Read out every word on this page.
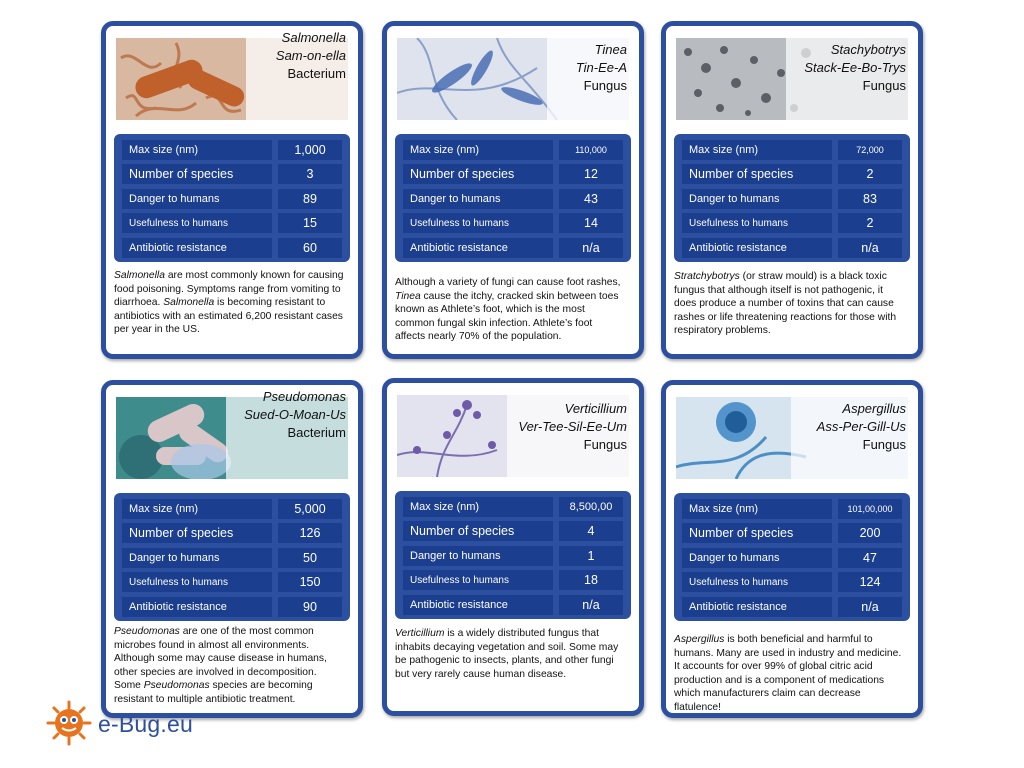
Salmonella
Sam-on-ella
Bacterium
Max size (nm)	1,000
Number of species	3
Danger to humans	89
Usefulness to humans	15
Antibiotic resistance	60
Salmonella are most commonly known for causing food poisoning. Symptoms range from vomiting to diarrhoea. Salmonella is becoming resistant to antibiotics with an estimated 6,200 resistant cases per year in the US.
Tinea
Tin-Ee-A
Fungus
Max size (nm)	110,000
Number of species	12
Danger to humans	43
Usefulness to humans	14
Antibiotic resistance	n/a
Although a variety of fungi can cause foot rashes, Tinea cause the itchy, cracked skin between toes known as Athlete’s foot, which is the most common fungal skin infection. Athlete’s foot affects nearly 70% of the population.
Stachybotrys
Stack-Ee-Bo-Trys
Fungus
Max size (nm)	72,000
Number of species	2
Danger to humans	83
Usefulness to humans	2
Antibiotic resistance	n/a
Stratchybotrys (or straw mould) is a black toxic fungus that although itself is not pathogenic, it does produce a number of toxins that can cause rashes or life threatening reactions for those with respiratory problems.
Pseudomonas
Sued-O-Moan-Us
Bacterium
Max size (nm)	5,000
Number of species	126
Danger to humans	50
Usefulness to humans	150
Antibiotic resistance	90
Pseudomonas are one of the most common microbes found in almost all environments. Although some may cause disease in humans, other species are involved in decomposition. Some Pseudomonas species are becoming resistant to multiple antibiotic treatment.
Verticillium
Ver-Tee-Sil-Ee-Um
Fungus
Max size (nm)	8,500,00
Number of species	4
Danger to humans	1
Usefulness to humans	18
Antibiotic resistance	n/a
Verticillium is a widely distributed fungus that inhabits decaying vegetation and soil. Some may be pathogenic to insects, plants, and other fungi but very rarely cause human disease.
Aspergillus
Ass-Per-Gill-Us
Fungus
Max size (nm)	101,00,000
Number of species	200
Danger to humans	47
Usefulness to humans	124
Antibiotic resistance	n/a
Aspergillus is both beneficial and harmful to humans. Many are used in industry and medicine. It accounts for over 99% of global citric acid production and is a component of medications which manufacturers claim can decrease flatulence!
e-Bug.eu
